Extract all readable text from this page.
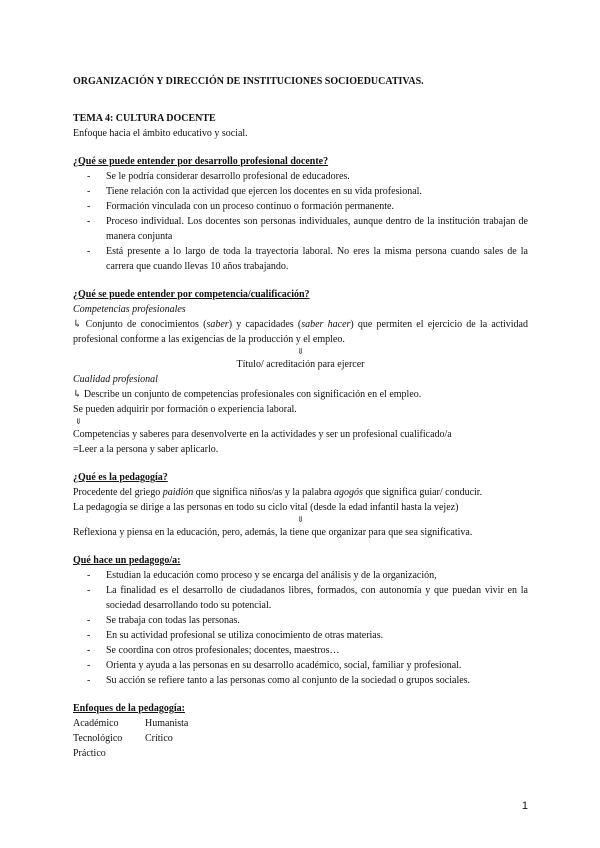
ORGANIZACIÓN Y DIRECCIÓN DE INSTITUCIONES SOCIOEDUCATIVAS.

TEMA 4: CULTURA DOCENTE

Enfoque hacia el ámbito educativo y social.

¿Qué se puede entender por desarrollo profesional docente?

- Se le podría considerar desarrollo profesional de educadores.
- Tiene relación con la actividad que ejercen los docentes en su vida profesional.
- Formación vinculada con un proceso continuo o formación permanente.
- Proceso individual. Los docentes son personas individuales, aunque dentro de la institución trabajan de manera conjunta
- Está presente a lo largo de toda la trayectoria laboral. No eres la misma persona cuando sales de la carrera que cuando llevas 10 años trabajando.

¿Qué se puede entender por competencia/cualificación?

Competencias profesionales

↳ Conjunto de conocimientos (saber) y capacidades (saber hacer) que permiten el ejercicio de la actividad profesional conforme a las exigencias de la producción y el empleo.

⇓

Título/ acreditación para ejercer

Cualidad profesional

↳ Describe un conjunto de competencias profesionales con significación en el empleo.

Se pueden adquirir por formación o experiencia laboral.

⇓

Competencias y saberes para desenvolverte en la actividades y ser un profesional cualificado/a

=Leer a la persona y saber aplicarlo.

¿Qué es la pedagogía?

Procedente del griego paidión que significa niños/as y la palabra agogós que significa guiar/ conducir.

La pedagogía se dirige a las personas en todo su ciclo vital (desde la edad infantil hasta la vejez)

⇓

Reflexiona y piensa en la educación, pero, además, la tiene que organizar para que sea significativa.

Qué hace un pedagogo/a:

- Estudian la educación como proceso y se encarga del análisis y de la organización,
- La finalidad es el desarrollo de ciudadanos libres, formados, con autonomía y que puedan vivir en la sociedad desarrollando todo su potencial.
- Se trabaja con todas las personas.
- En su actividad profesional se utiliza conocimiento de otras materias.
- Se coordina con otros profesionales; docentes, maestros…
- Orienta y ayuda a las personas en su desarrollo académico, social, familiar y profesional.
- Su acción se refiere tanto a las personas como al conjunto de la sociedad o grupos sociales.

Enfoques de la pedagogía:

Académico	Humanista
Tecnológico	Crítico
Práctico
1
